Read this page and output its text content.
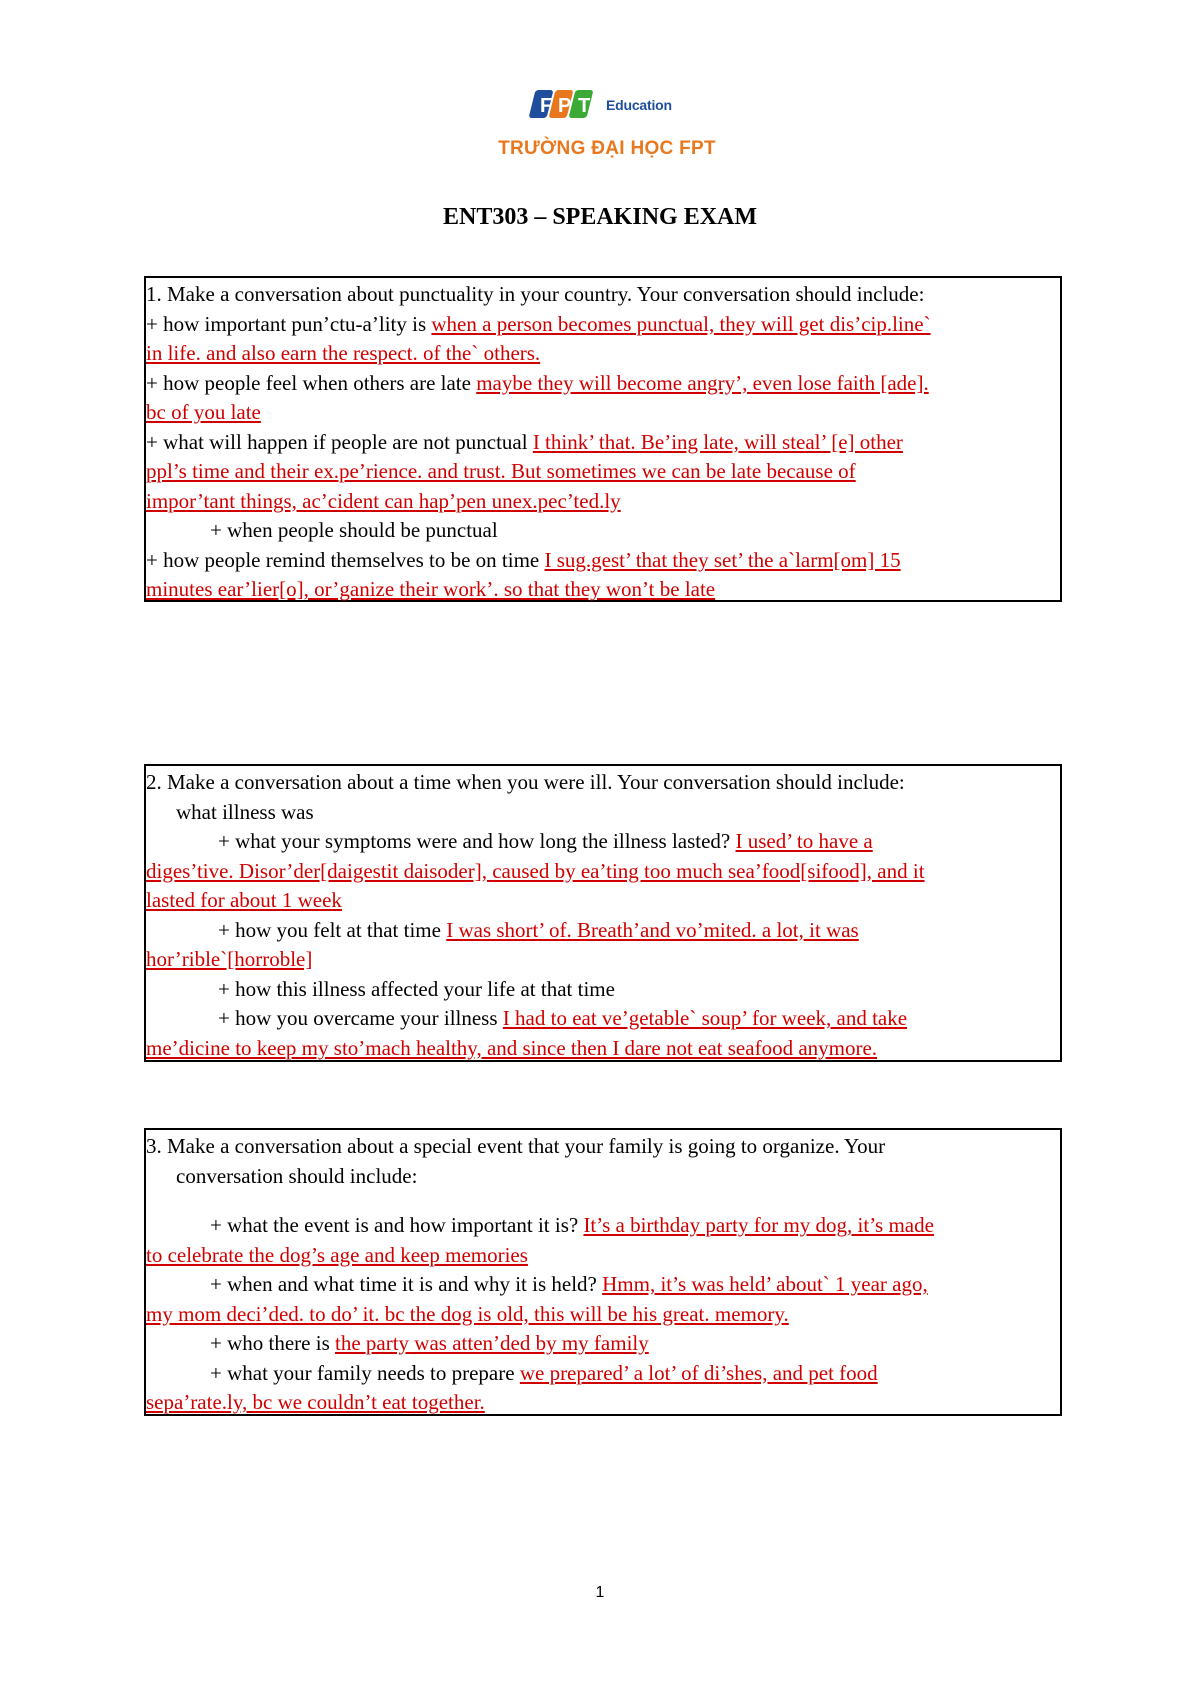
F P T Education
TRƯỜNG ĐẠI HỌC FPT
ENT303 – SPEAKING EXAM
1. Make a conversation about punctuality in your country. Your conversation should include:
+ how important pun’ctu-a’lity is when a person becomes punctual, they will get dis’cip.line`
in life. and also earn the respect. of the` others.
+ how people feel when others are late maybe they will become angry’, even lose faith [ade].
bc of you late
+ what will happen if people are not punctual I think’ that. Be’ing late, will steal’ [e] other
ppl’s time and their ex.pe’rience. and trust. But sometimes we can be late because of
impor’tant things, ac’cident can hap’pen unex.pec’ted.ly
+ when people should be punctual
+ how people remind themselves to be on time I sug.gest’ that they set’ the a`larm[om] 15
minutes ear’lier[o], or’ganize their work’. so that they won’t be late
2. Make a conversation about a time when you were ill. Your conversation should include:
what illness was
+ what your symptoms were and how long the illness lasted? I used’ to have a
diges’tive. Disor’der[daigestit daisoder], caused by ea’ting too much sea’food[sifood], and it
lasted for about 1 week
+ how you felt at that time I was short’ of. Breath’and vo’mited. a lot, it was
hor’rible`[horroble]
+ how this illness affected your life at that time
+ how you overcame your illness I had to eat ve’getable` soup’ for week, and take
me’dicine to keep my sto’mach healthy, and since then I dare not eat seafood anymore.
3. Make a conversation about a special event that your family is going to organize. Your
conversation should include:
+ what the event is and how important it is? It’s a birthday party for my dog, it’s made
to celebrate the dog’s age and keep memories
+ when and what time it is and why it is held? Hmm, it’s was held’ about` 1 year ago,
my mom deci’ded. to do’ it. bc the dog is old, this will be his great. memory.
+ who there is the party was atten’ded by my family
+ what your family needs to prepare we prepared’ a lot’ of di’shes, and pet food
sepa’rate.ly, bc we couldn’t eat together.
1
